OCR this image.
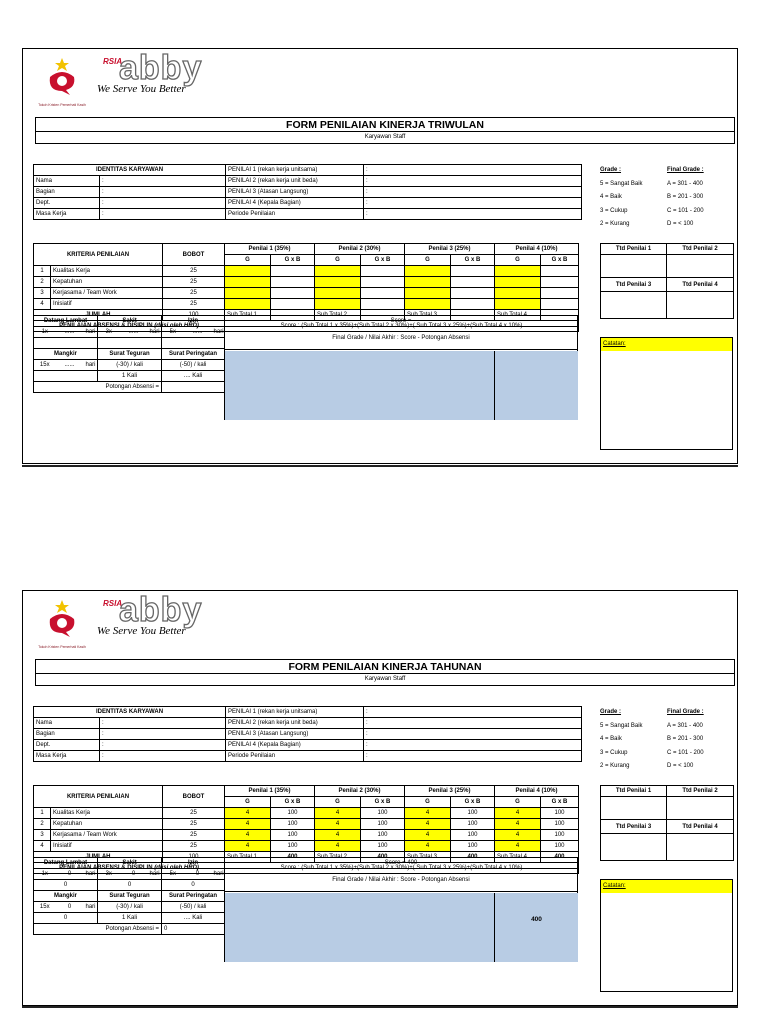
Tokoh Kristen Pemerhati Kasih
RSIA
abby
We Serve You Better
FORM PENILAIAN KINERJA TRIWULAN
Karyawan Staff
IDENTITAS KARYAWAN		PENILAI 1 (rekan kerja unitsama)	:
Nama	:	PENILAI 2 (rekan kerja unit beda)	:
Bagian	:	PENILAI 3 (Atasan Langsung)	:
Dept.	:	PENILAI 4 (Kepala Bagian)	:
Masa Kerja	:	Periode Penilaian	:
Grade :
5 = Sangat Baik
4 = Baik
3 = Cukup
2 = Kurang
Final Grade :
A = 301 - 400
B = 201 - 300
C = 101 - 200
D = < 100
KRITERIA PENILAIAN		BOBOT	Penilai 1 (35%)		Penilai 2 (30%)		Penilai 3 (25%)		Penilai 4 (10%)	
			G	G x B	G	G x B	G	G x B	G	G x B
1	Kualitas Kerja	25								
2	Kepatuhan	25								
3	Kerjasama / Team Work	25								
4	Inisiatif	25								
JUMLAH		100	Sub Total 1		Sub Total 2		Sub Total 3		Sub Total 4	
PENILAIAN ABSENSI & DISIPLIN (diisi oleh HRD)			Score : (Sub Total 1 x 35%)+(Sub Total 2 x 30%)+( Sub Total 3 x 25%)+(Sub Total 4 x 10%)							
Datang Lambat			Sakit			Izin		
1x	......	hari	3x	......	hari	5x	......	hari

Mangkir			Surat Teguran			Surat Peringatan		
15x	......	hari	(-30) / kali			(-50) / kali		
			1 Kali			.... Kali		
Potongan Absensi =								
Score =
Final Grade / Nilai Akhir : Score - Potongan Absensi
Ttd Penilai 1	Ttd Penilai 2

Ttd Penilai 3	Ttd Penilai 4

Catatan:
Tokoh Kristen Pemerhati Kasih
RSIA
abby
We Serve You Better
FORM PENILAIAN KINERJA TAHUNAN
Karyawan Staff
IDENTITAS KARYAWAN		PENILAI 1 (rekan kerja unitsama)	:
Nama	:	PENILAI 2 (rekan kerja unit beda)	:
Bagian	:	PENILAI 3 (Atasan Langsung)	:
Dept.	:	PENILAI 4 (Kepala Bagian)	:
Masa Kerja	:	Periode Penilaian	:
Grade :
5 = Sangat Baik
4 = Baik
3 = Cukup
2 = Kurang
Final Grade :
A = 301 - 400
B = 201 - 300
C = 101 - 200
D = < 100
KRITERIA PENILAIAN		BOBOT	Penilai 1 (35%)		Penilai 2 (30%)		Penilai 3 (25%)		Penilai 4 (10%)	
			G	G x B	G	G x B	G	G x B	G	G x B
1	Kualitas Kerja	25	4	100	4	100	4	100	4	100
2	Kepatuhan	25	4	100	4	100	4	100	4	100
3	Kerjasama / Team Work	25	4	100	4	100	4	100	4	100
4	Inisiatif	25	4	100	4	100	4	100	4	100
JUMLAH		100	Sub Total 1	400	Sub Total 2	400	Sub Total 3	400	Sub Total 4	400
PENILAIAN ABSENSI & DISIPLIN (diisi oleh HRD)			Score : (Sub Total 1 x 35%)+(Sub Total 2 x 30%)+( Sub Total 3 x 25%)+(Sub Total 4 x 10%)							
Datang Lambat			Sakit			Izin		
1x	0	hari	3x	0	hari	5x	0	hari
0			0			0		
Mangkir			Surat Teguran			Surat Peringatan		
15x	0	hari	(-30) / kali			(-50) / kali		
0			1 Kali			.... Kali		
Potongan Absensi =						0		
Score = 400
Final Grade / Nilai Akhir : Score - Potongan Absensi
400
Ttd Penilai 1	Ttd Penilai 2

Ttd Penilai 3	Ttd Penilai 4

Catatan:
